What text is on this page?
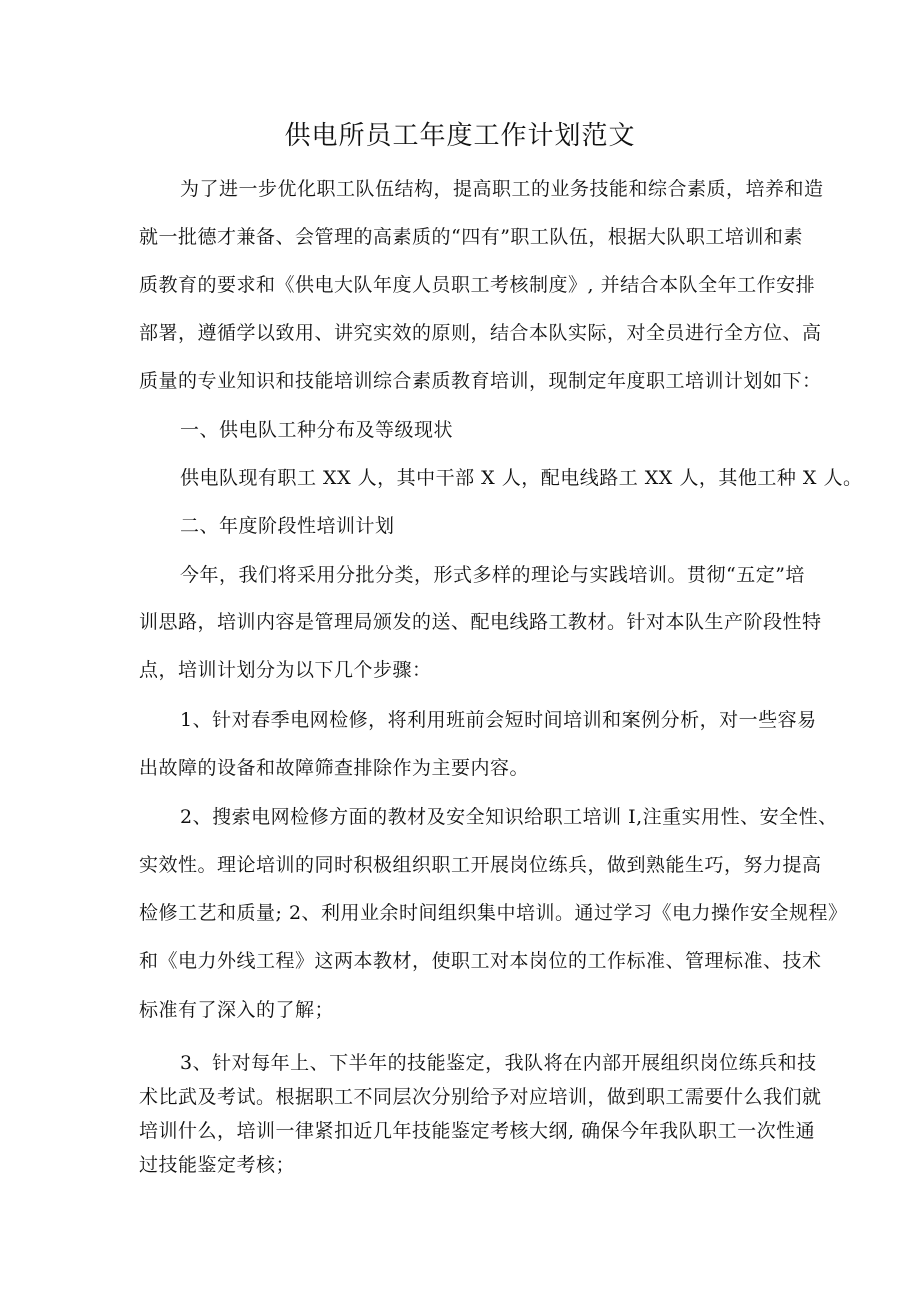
供电所员工年度工作计划范文
为了进一步优化职工队伍结构，提高职工的业务技能和综合素质，培养和造
就一批德才兼备、会管理的高素质的“四有”职工队伍，根据大队职工培训和素
质教育的要求和《供电大队年度人员职工考核制度》, 并结合本队全年工作安排
部署，遵循学以致用、讲究实效的原则，结合本队实际，对全员进行全方位、高
质量的专业知识和技能培训综合素质教育培训，现制定年度职工培训计划如下：
一、供电队工种分布及等级现状
供电队现有职工 XX 人，其中干部 X 人，配电线路工 XX 人，其他工种 X 人。
二、年度阶段性培训计划
今年，我们将采用分批分类，形式多样的理论与实践培训。贯彻“五定”培
训思路，培训内容是管理局颁发的送、配电线路工教材。针对本队生产阶段性特
点，培训计划分为以下几个步骤：
1、针对春季电网检修，将利用班前会短时间培训和案例分析，对一些容易
出故障的设备和故障筛查排除作为主要内容。
2、搜索电网检修方面的教材及安全知识给职工培训 I,注重实用性、安全性、
实效性。理论培训的同时积极组织职工开展岗位练兵，做到熟能生巧，努力提高
检修工艺和质量; 2、利用业余时间组织集中培训。通过学习《电力操作安全规程》
和《电力外线工程》这两本教材，使职工对本岗位的工作标准、管理标准、技术
标准有了深入的了解；
3、针对每年上、下半年的技能鉴定，我队将在内部开展组织岗位练兵和技
术比武及考试。根据职工不同层次分别给予对应培训，做到职工需要什么我们就
培训什么，培训一律紧扣近几年技能鉴定考核大纲, 确保今年我队职工一次性通
过技能鉴定考核；
